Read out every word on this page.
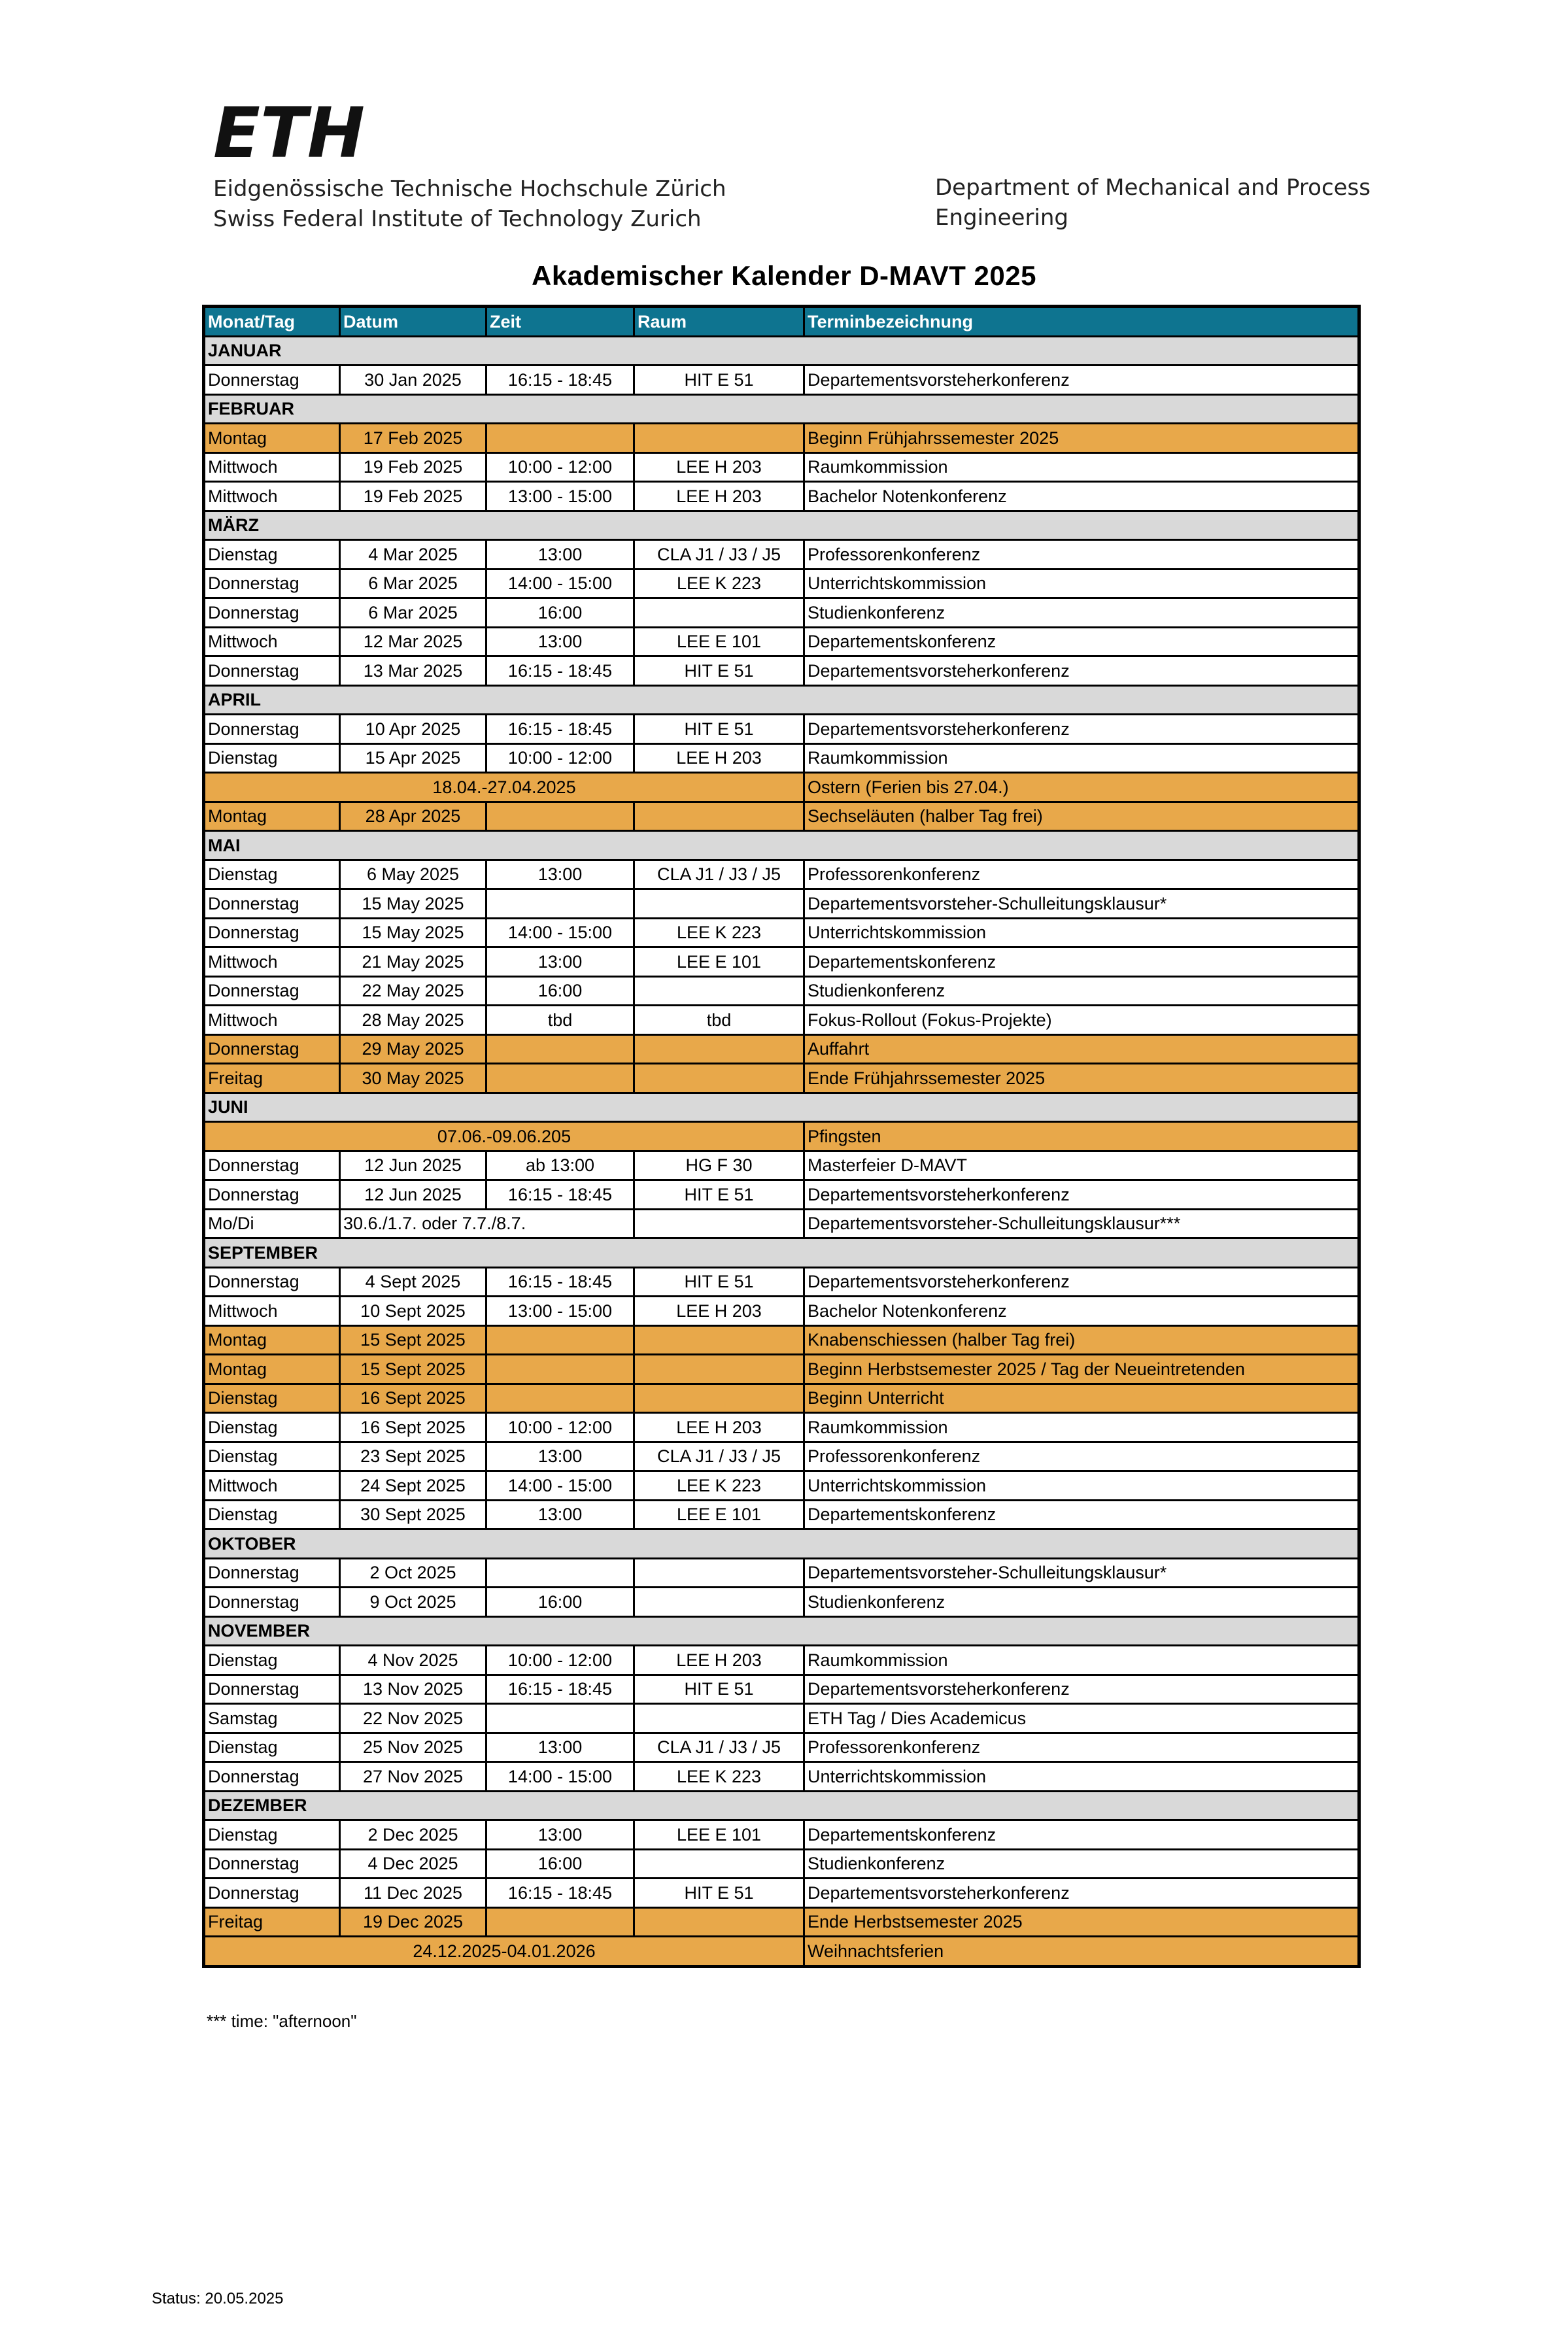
ETH
Eidgenössische Technische Hochschule Zürich
Swiss Federal Institute of Technology Zurich
Department of Mechanical and Process
Engineering
Akademischer Kalender D-MAVT 2025
Monat/Tag	Datum	Zeit	Raum	Terminbezeichnung
JANUAR				
Donnerstag	30 Jan 2025	16:15 - 18:45	HIT E 51	Departementsvorsteherkonferenz
FEBRUAR				
Montag	17 Feb 2025			Beginn Frühjahrssemester 2025
Mittwoch	19 Feb 2025	10:00 - 12:00	LEE H 203	Raumkommission
Mittwoch	19 Feb 2025	13:00 - 15:00	LEE H 203	Bachelor Notenkonferenz
MÄRZ				
Dienstag	4 Mar 2025	13:00	CLA J1 / J3 / J5	Professorenkonferenz
Donnerstag	6 Mar 2025	14:00 - 15:00	LEE K 223	Unterrichtskommission
Donnerstag	6 Mar 2025	16:00		Studienkonferenz
Mittwoch	12 Mar 2025	13:00	LEE E 101	Departementskonferenz
Donnerstag	13 Mar 2025	16:15 - 18:45	HIT E 51	Departementsvorsteherkonferenz
APRIL				
Donnerstag	10 Apr 2025	16:15 - 18:45	HIT E 51	Departementsvorsteherkonferenz
Dienstag	15 Apr 2025	10:00 - 12:00	LEE H 203	Raumkommission
18.04.-27.04.2025				Ostern (Ferien bis 27.04.)
Montag	28 Apr 2025			Sechseläuten (halber Tag frei)
MAI				
Dienstag	6 May 2025	13:00	CLA J1 / J3 / J5	Professorenkonferenz
Donnerstag	15 May 2025			Departementsvorsteher-Schulleitungsklausur*
Donnerstag	15 May 2025	14:00 - 15:00	LEE K 223	Unterrichtskommission
Mittwoch	21 May 2025	13:00	LEE E 101	Departementskonferenz
Donnerstag	22 May 2025	16:00		Studienkonferenz
Mittwoch	28 May 2025	tbd	tbd	Fokus-Rollout (Fokus-Projekte)
Donnerstag	29 May 2025			Auffahrt
Freitag	30 May 2025			Ende Frühjahrssemester 2025
JUNI				
07.06.-09.06.205				Pfingsten
Donnerstag	12 Jun 2025	ab 13:00	HG F 30	Masterfeier D-MAVT
Donnerstag	12 Jun 2025	16:15 - 18:45	HIT E 51	Departementsvorsteherkonferenz
Mo/Di	30.6./1.7. oder 7.7./8.7.			Departementsvorsteher-Schulleitungsklausur***
SEPTEMBER				
Donnerstag	4 Sept 2025	16:15 - 18:45	HIT E 51	Departementsvorsteherkonferenz
Mittwoch	10 Sept 2025	13:00 - 15:00	LEE H 203	Bachelor Notenkonferenz
Montag	15 Sept 2025			Knabenschiessen (halber Tag frei)
Montag	15 Sept 2025			Beginn Herbstsemester 2025 / Tag der Neueintretenden
Dienstag	16 Sept 2025			Beginn Unterricht
Dienstag	16 Sept 2025	10:00 - 12:00	LEE H 203	Raumkommission
Dienstag	23 Sept 2025	13:00	CLA J1 / J3 / J5	Professorenkonferenz
Mittwoch	24 Sept 2025	14:00 - 15:00	LEE K 223	Unterrichtskommission
Dienstag	30 Sept 2025	13:00	LEE E 101	Departementskonferenz
OKTOBER				
Donnerstag	2 Oct 2025			Departementsvorsteher-Schulleitungsklausur*
Donnerstag	9 Oct 2025	16:00		Studienkonferenz
NOVEMBER				
Dienstag	4 Nov 2025	10:00 - 12:00	LEE H 203	Raumkommission
Donnerstag	13 Nov 2025	16:15 - 18:45	HIT E 51	Departementsvorsteherkonferenz
Samstag	22 Nov 2025			ETH Tag / Dies Academicus
Dienstag	25 Nov 2025	13:00	CLA J1 / J3 / J5	Professorenkonferenz
Donnerstag	27 Nov 2025	14:00 - 15:00	LEE K 223	Unterrichtskommission
DEZEMBER				
Dienstag	2 Dec 2025	13:00	LEE E 101	Departementskonferenz
Donnerstag	4 Dec 2025	16:00		Studienkonferenz
Donnerstag	11 Dec 2025	16:15 - 18:45	HIT E 51	Departementsvorsteherkonferenz
Freitag	19 Dec 2025			Ende Herbstsemester 2025
24.12.2025-04.01.2026				Weihnachtsferien
*** time: "afternoon"
Status: 20.05.2025
